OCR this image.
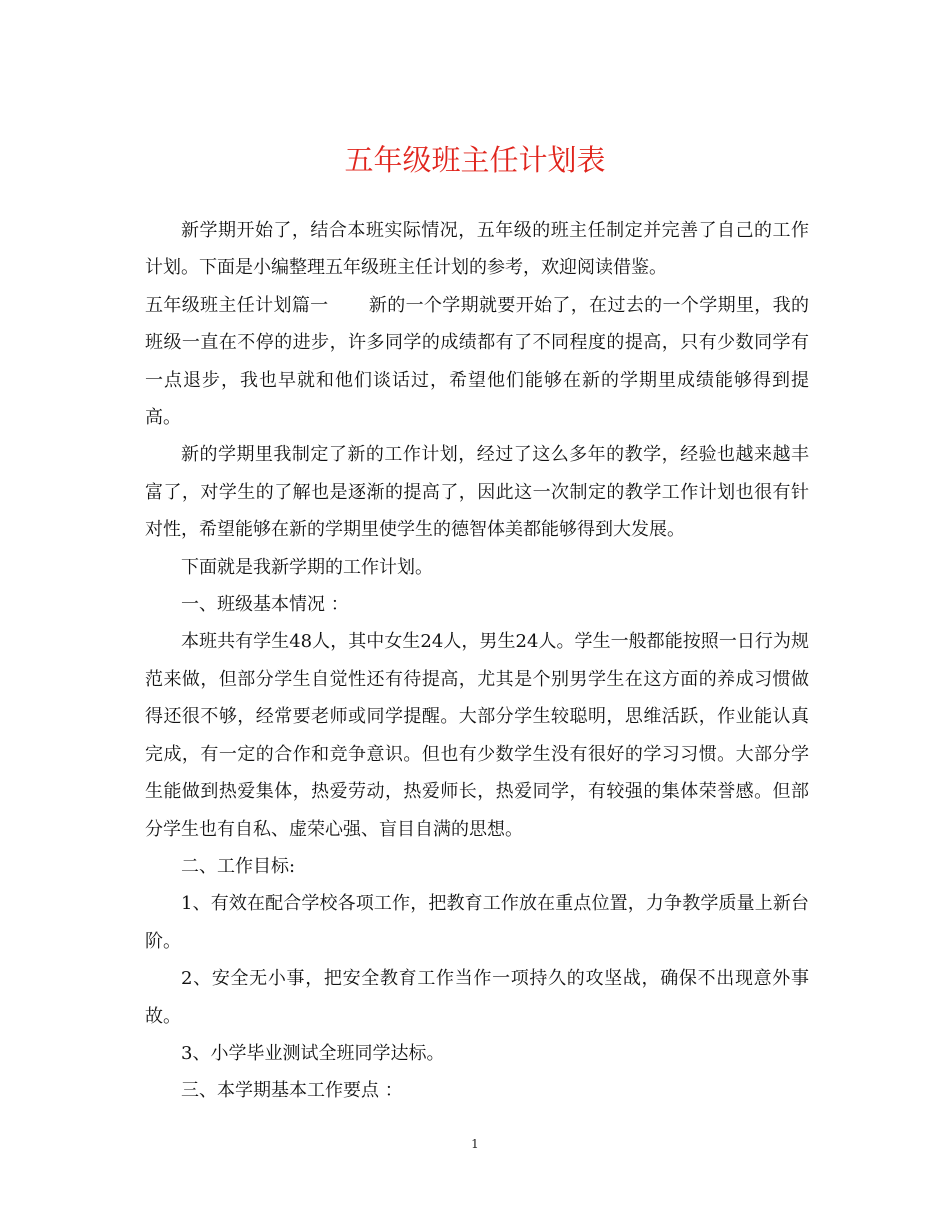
五年级班主任计划表

新学期开始了，结合本班实际情况，五年级的班主任制定并完善了自己的工作计划。下面是小编整理五年级班主任计划的参考，欢迎阅读借鉴。

五年级班主任计划篇一 新的一个学期就要开始了，在过去的一个学期里，我的班级一直在不停的进步，许多同学的成绩都有了不同程度的提高，只有少数同学有一点退步，我也早就和他们谈话过，希望他们能够在新的学期里成绩能够得到提高。

新的学期里我制定了新的工作计划，经过了这么多年的教学，经验也越来越丰富了，对学生的了解也是逐渐的提高了，因此这一次制定的教学工作计划也很有针对性，希望能够在新的学期里使学生的德智体美都能够得到大发展。

下面就是我新学期的工作计划。

一、班级基本情况 ：

本班共有学生48人，其中女生24人，男生24人。学生一般都能按照一日行为规范来做，但部分学生自觉性还有待提高，尤其是个别男学生在这方面的养成习惯做得还很不够，经常要老师或同学提醒。大部分学生较聪明，思维活跃，作业能认真完成，有一定的合作和竞争意识。但也有少数学生没有很好的学习习惯。大部分学生能做到热爱集体，热爱劳动，热爱师长，热爱同学，有较强的集体荣誉感。但部分学生也有自私、虚荣心强、盲目自满的思想。

二、工作目标:

1、有效在配合学校各项工作，把教育工作放在重点位置，力争教学质量上新台阶。

2、安全无小事，把安全教育工作当作一项持久的攻坚战，确保不出现意外事故。

3、小学毕业测试全班同学达标。

三、本学期基本工作要点 ：

1
